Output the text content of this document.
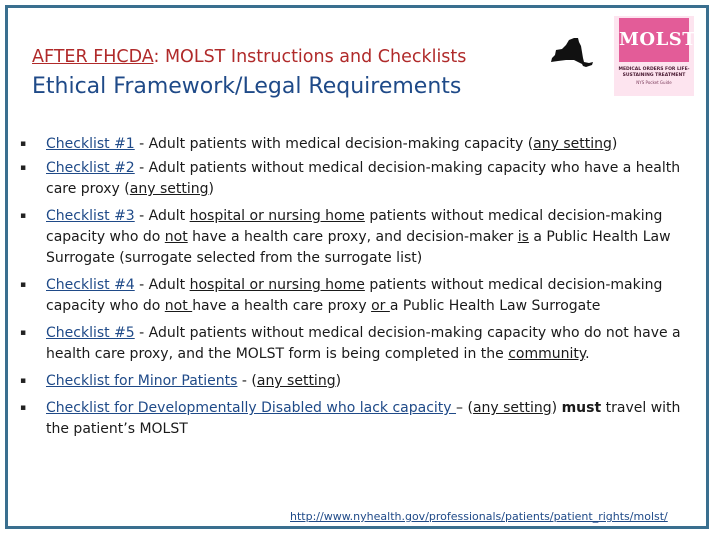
AFTER FHCDA: MOLST Instructions and Checklists
Ethical Framework/Legal Requirements
MOLST
MEDICAL ORDERS FOR LIFE-SUSTAINING TREATMENT
NYS Pocket Guide
▪ Checklist #1 - Adult patients with medical decision-making capacity (any setting)
▪ Checklist #2 - Adult patients without medical decision-making capacity who have a health care proxy (any setting)
▪ Checklist #3 - Adult hospital or nursing home patients without medical decision-making capacity who do not have a health care proxy, and decision-maker is a Public Health Law Surrogate (surrogate selected from the surrogate list)
▪ Checklist #4 - Adult hospital or nursing home patients without medical decision-making capacity who do not have a health care proxy or a Public Health Law Surrogate
▪ Checklist #5 - Adult patients without medical decision-making capacity who do not have a health care proxy, and the MOLST form is being completed in the community.
▪ Checklist for Minor Patients - (any setting)
▪ Checklist for Developmentally Disabled who lack capacity – (any setting) must travel with the patient’s MOLST
http://www.nyhealth.gov/professionals/patients/patient_rights/molst/
